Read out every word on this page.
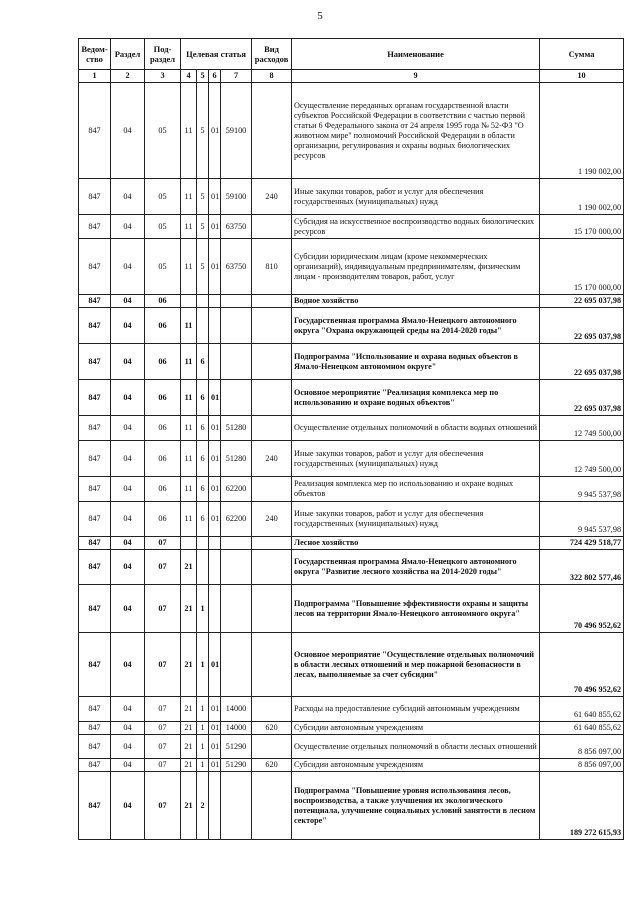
5
Ведом-ство	Раздел	Под-раздел	Целевая статья				Вид расходов	Наименование	Сумма
1	2	3	4	5	6	7	8	9	10
847	04	05	11	5	01	59100		Осуществление переданных органам государственной власти субъектов Российской Федерации в соответствии с частью первой статьи 6 Федерального закона от 24 апреля 1995 года № 52-ФЗ "О животном мире" полномочий Российской Федерации в области организации, регулирования и охраны водных биологических ресурсов	1 190 002,00
847	04	05	11	5	01	59100	240	Иные закупки товаров, работ и услуг для обеспечения государственных (муниципальных) нужд	1 190 002,00
847	04	05	11	5	01	63750		Субсидия на искусственное воспроизводство водных биологических ресурсов	15 170 000,00
847	04	05	11	5	01	63750	810	Субсидии юридическим лицам (кроме некоммерческих организаций), индивидуальным предпринимателям, физическим лицам - производителям товаров, работ, услуг	15 170 000,00
847	04	06						Водное хозяйство	22 695 037,98
847	04	06	11					Государственная программа Ямало-Ненецкого автономного округа "Охрана окружающей среды на 2014-2020 годы"	22 695 037,98
847	04	06	11	6				Подпрограмма "Использование и охрана водных объектов в Ямало-Ненецком автономном округе"	22 695 037,98
847	04	06	11	6	01			Основное мероприятие "Реализация комплекса мер по использованию и охране водных объектов"	22 695 037,98
847	04	06	11	6	01	51280		Осуществление отдельных полномочий в области водных отношений	12 749 500,00
847	04	06	11	6	01	51280	240	Иные закупки товаров, работ и услуг для обеспечения государственных (муниципальных) нужд	12 749 500,00
847	04	06	11	6	01	62200		Реализация комплекса мер по использованию и охране водных объектов	9 945 537,98
847	04	06	11	6	01	62200	240	Иные закупки товаров, работ и услуг для обеспечения государственных (муниципальных) нужд	9 945 537,98
847	04	07						Лесное хозяйство	724 429 518,77
847	04	07	21					Государственная программа Ямало-Ненецкого автономного округа "Развитие лесного хозяйства на 2014-2020 годы"	322 802 577,46
847	04	07	21	1				Подпрограмма "Повышение эффективности охраны и защиты лесов на территории Ямало-Ненецкого автономного округа"	70 496 952,62
847	04	07	21	1	01			Основное мероприятие "Осуществление отдельных полномочий в области лесных отношений и мер пожарной безопасности в лесах, выполняемые за счет субсидии"	70 496 952,62
847	04	07	21	1	01	14000		Расходы на предоставление субсидий автономным учреждениям	61 640 855,62
847	04	07	21	1	01	14000	620	Субсидии автономным учреждениям	61 640 855,62
847	04	07	21	1	01	51290		Осуществление отдельных полномочий в области лесных отношений	8 856 097,00
847	04	07	21	1	01	51290	620	Субсидии автономным учреждениям	8 856 097,00
847	04	07	21	2				Подпрограмма "Повышение уровня использования лесов, воспроизводства, а также улучшения их экологического потенциала, улучшение социальных условий занятости в лесном секторе"	189 272 615,93
